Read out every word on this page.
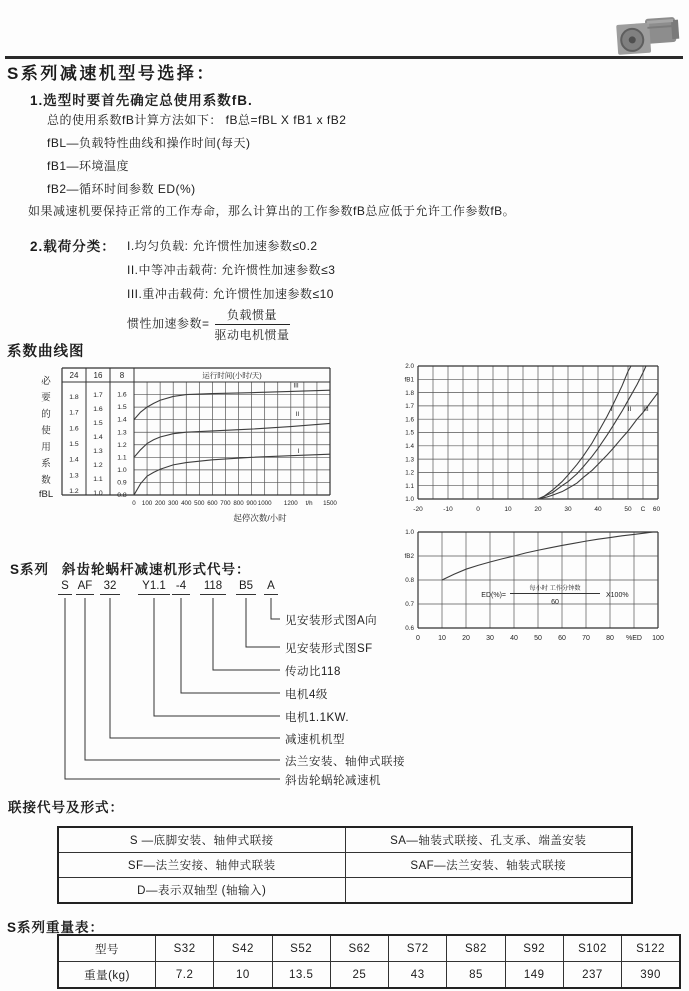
S系列减速机型号选择：
1.选型时要首先确定总使用系数fB.
总的使用系数fB计算方法如下： fB总=fBL X fB1 x fB2
fBL—负载特性曲线和操作时间(每天)
fB1—环境温度
fB2—循环时间参数 ED(%)
如果减速机要保持正常的工作寿命，那么计算出的工作参数fB总应低于允许工作参数fB。
2.载荷分类： I.均匀负载: 允许惯性加速参数≤0.2
II.中等冲击载荷: 允许惯性加速参数≤3
III.重冲击载荷: 允许惯性加速参数≤10
惯性加速参数= $\frac{\text{负载惯量}}{\text{驱动电机惯量}}$
系数曲线图
24
1.8
1.7
1.6
1.5
1.4
1.3
1.2
16
1.7
1.6
1.5
1.4
1.3
1.2
1.1
1.0
8
1.6
1.5
1.4
1.3
1.2
1.1
1.0
0.9
0.8
运行时间(小时/天)
必
要
的
使
用
系
数
fBL
0 100 200 300 400 500 600 700 800 900 1000 1200 t/h 1500
起停次数/小时
III
II
I
2.0
fB1
1.8
1.7
1.6
1.5
1.4
1.3
1.2
1.1
1.0
-20	-10	0	10	20	30	40	50 C 60
I II III
1.0
fB2
0.8
0.7
0.6
0	10 20 30 40 50 60 70 80 %ED 100
ED(%)=
每小时 工作分钟数
60
X100%
S系列 斜齿轮蜗杆减速机形式代号：
S AF 32	Y1.1 -4	118	B5 A
见安装形式图A向
见安装形式图SF
传动比118
电机4级
电机1.1KW.
减速机机型
法兰安装、轴伸式联接
斜齿轮蜗轮减速机
联接代号及形式：
S —底脚安装、轴伸式联接	SA—轴装式联接、孔支承、端盖安装
SF—法兰安接、轴伸式联装	SAF—法兰安装、轴装式联接
D—表示双轴型 (轴输入)	
S系列重量表：
型号	S32	S42	S52	S62	S72	S82	S92	S102	S122
重量(kg)	7.2	10	13.5	25	43	85	149	237	390
